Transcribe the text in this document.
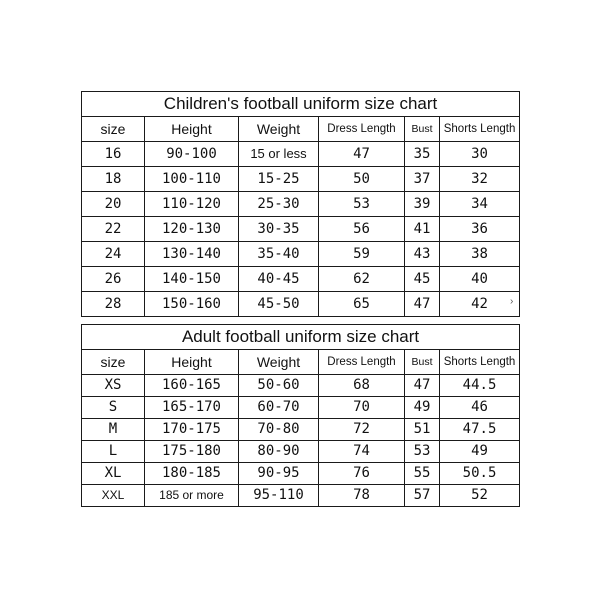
Children's football uniform size chart					
size	Height	Weight	Dress Length	Bust	Shorts Length
16	90-100	15 or less	47	35	30
18	100-110	15-25	50	37	32
20	110-120	25-30	53	39	34
22	120-130	30-35	56	41	36
24	130-140	35-40	59	43	38
26	140-150	40-45	62	45	40
28	150-160	45-50	65	47	42 ›
Adult football uniform size chart					
size	Height	Weight	Dress Length	Bust	Shorts Length
XS	160-165	50-60	68	47	44.5
S	165-170	60-70	70	49	46
M	170-175	70-80	72	51	47.5
L	175-180	80-90	74	53	49
XL	180-185	90-95	76	55	50.5
XXL	185 or more	95-110	78	57	52
